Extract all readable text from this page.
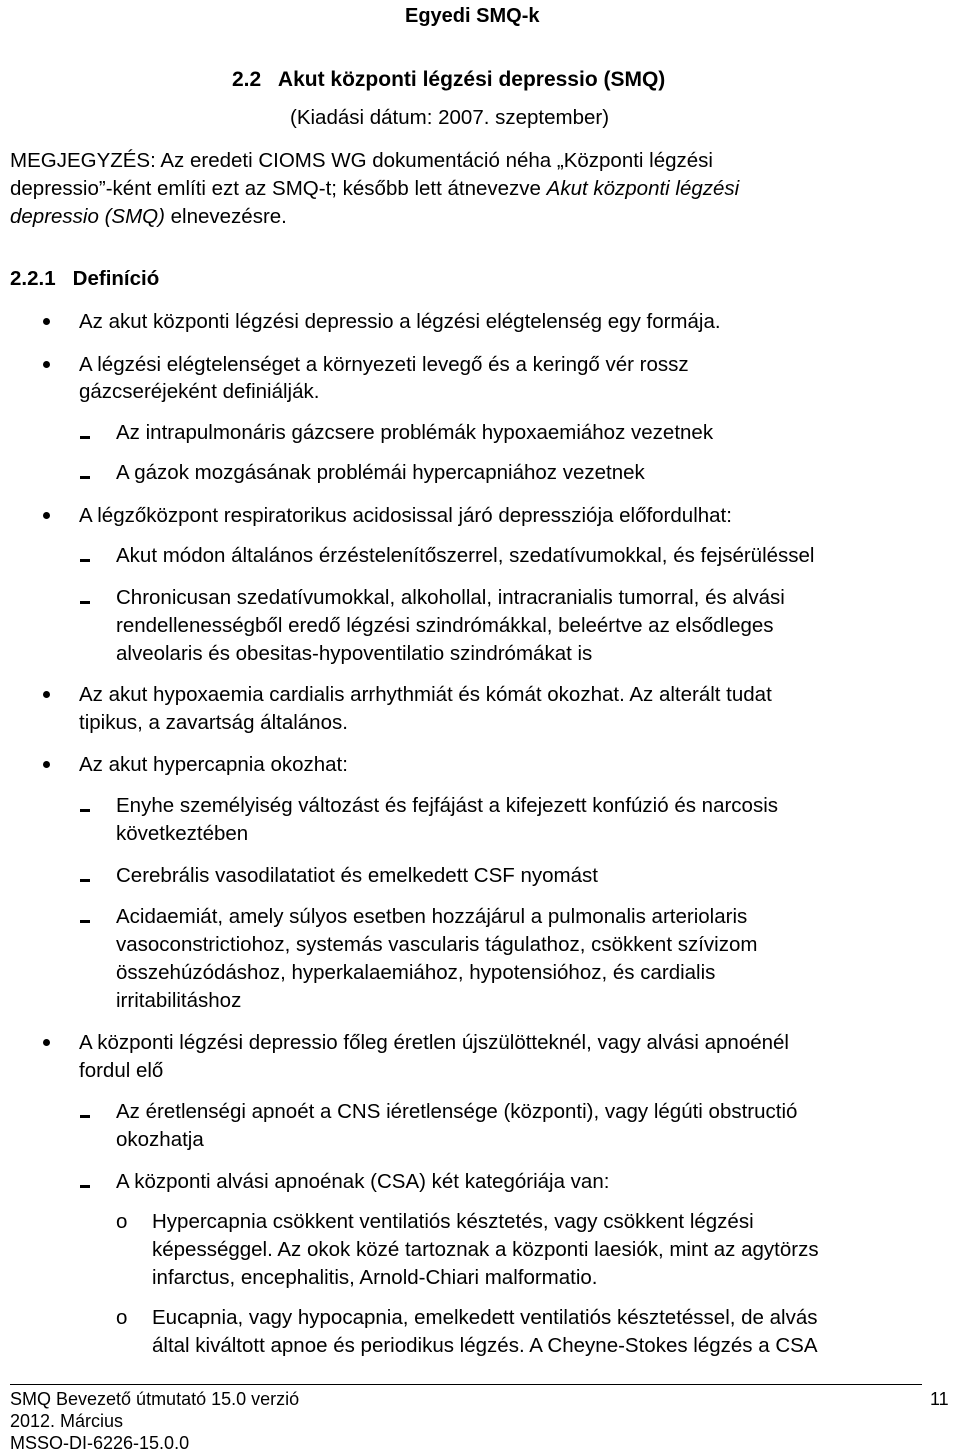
Egyedi SMQ-k
2.2   Akut központi légzési depressio (SMQ)
(Kiadási dátum: 2007. szeptember)
MEGJEGYZÉS: Az eredeti CIOMS WG dokumentáció néha „Központi légzési
depressio”-ként említi ezt az SMQ-t; később lett átnevezve Akut központi légzési
depressio (SMQ) elnevezésre.
2.2.1   Definíció
Az akut központi légzési depressio a légzési elégtelenség egy formája.
A légzési elégtelenséget a környezeti levegő és a keringő vér rossz
gázcseréjeként definiálják.
Az intrapulmonáris gázcsere problémák hypoxaemiához vezetnek
A gázok mozgásának problémái hypercapniához vezetnek
A légzőközpont respiratorikus acidosissal járó depressziója előfordulhat:
Akut módon általános érzéstelenítőszerrel, szedatívumokkal, és fejsérüléssel
Chronicusan szedatívumokkal, alkohollal, intracranialis tumorral, és alvási
rendellenességből eredő légzési szindrómákkal, beleértve az elsődleges
alveolaris és obesitas-hypoventilatio szindrómákat is
Az akut hypoxaemia cardialis arrhythmiát és kómát okozhat. Az alterált tudat
tipikus, a zavartság általános.
Az akut hypercapnia okozhat:
Enyhe személyiség változást és fejfájást a kifejezett konfúzió és narcosis
következtében
Cerebrális vasodilatatiot és emelkedett CSF nyomást
Acidaemiát, amely súlyos esetben hozzájárul a pulmonalis arteriolaris
vasoconstrictiohoz, systemás vascularis tágulathoz, csökkent szívizom
összehúzódáshoz, hyperkalaemiához, hypotensióhoz, és cardialis
irritabilitáshoz
A központi légzési depressio főleg éretlen újszülötteknél, vagy alvási apnoénél
fordul elő
Az éretlenségi apnoét a CNS iéretlensége (központi), vagy légúti obstructió
okozhatja
A központi alvási apnoénak (CSA) két kategóriája van:
o Hypercapnia csökkent ventilatiós késztetés, vagy csökkent légzési
képességgel. Az okok közé tartoznak a központi laesiók, mint az agytörzs
infarctus, encephalitis, Arnold-Chiari malformatio.
o Eucapnia, vagy hypocapnia, emelkedett ventilatiós késztetéssel, de alvás
által kiváltott apnoe és periodikus légzés. A Cheyne-Stokes légzés a CSA
SMQ Bevezető útmutató 15.0 verzió
2012. Március
MSSO-DI-6226-15.0.0
11
